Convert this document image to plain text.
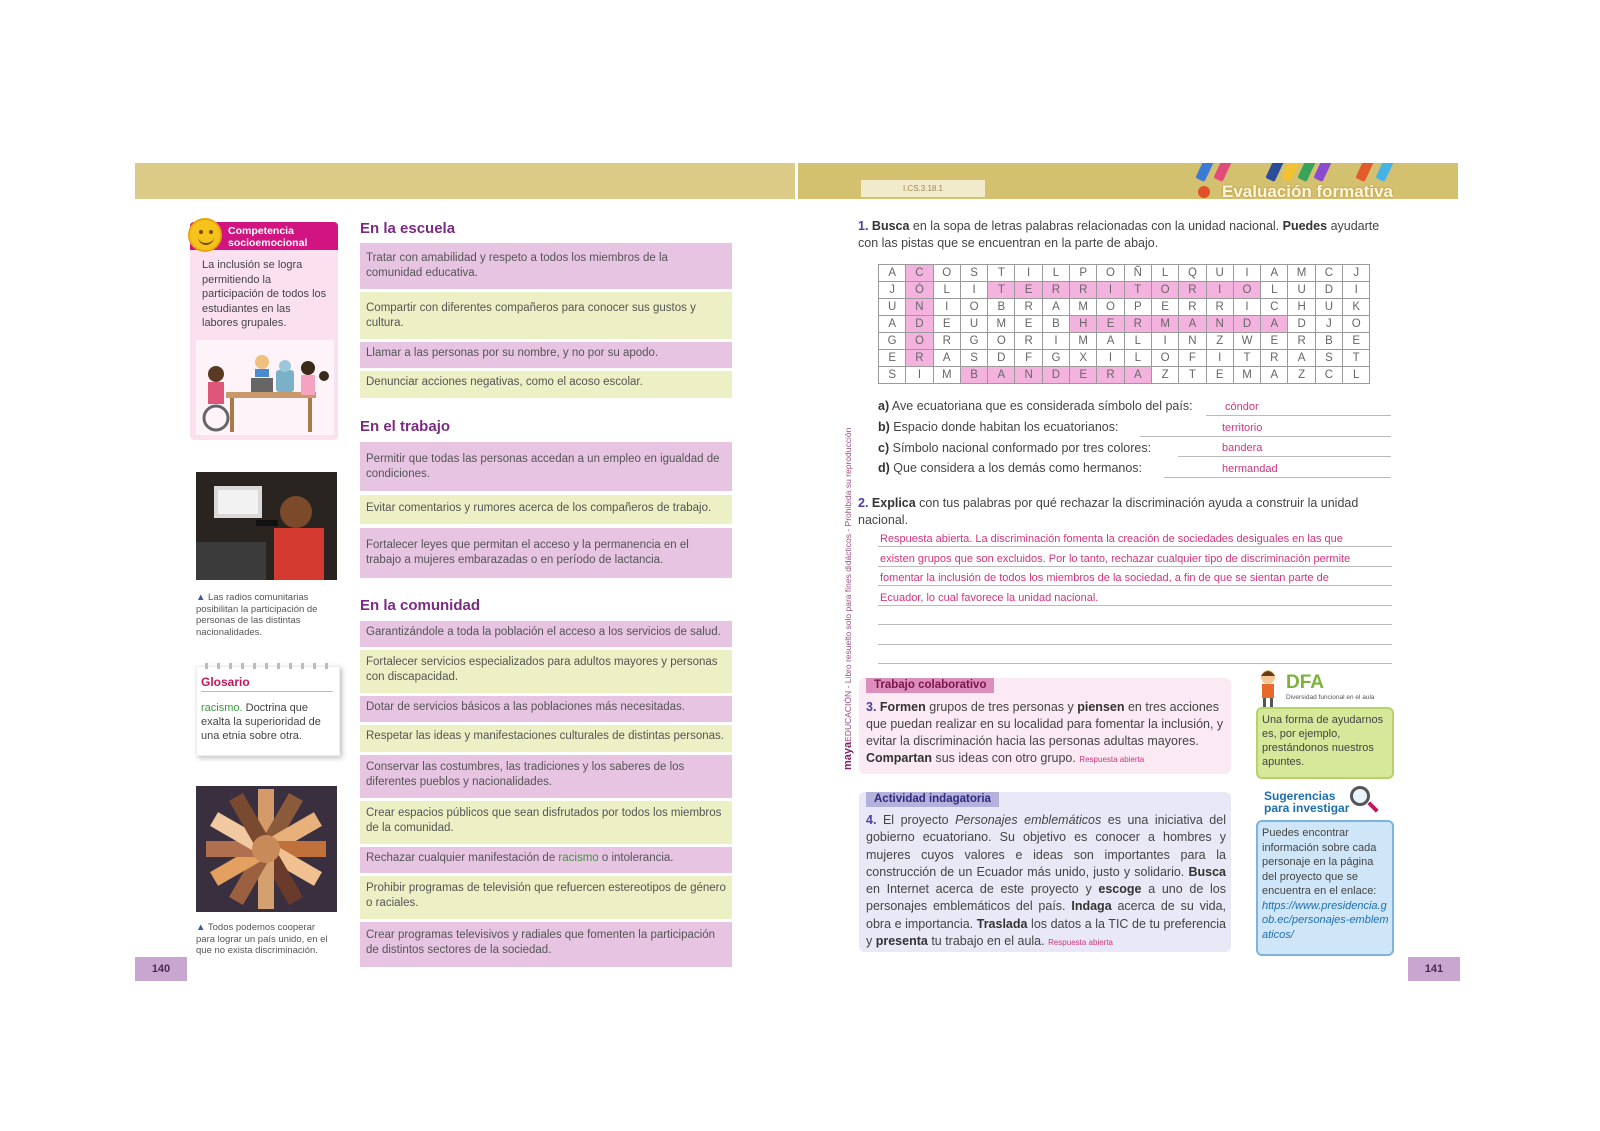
I.CS.3.18.1	Evaluación formativa
Competencia socioemocional
La inclusión se logra permitiendo la participación de todos los estudiantes en las labores grupales.
▲ Las radios comunitarias posibilitan la participación de personas de las distintas nacionalidades.
Glosario
racismo. Doctrina que exalta la superioridad de una etnia sobre otra.
▲ Todos podemos cooperar para lograr un país unido, en el que no exista discriminación.
140
En la escuela
Tratar con amabilidad y respeto a todos los miembros de la comunidad educativa.
Compartir con diferentes compañeros para conocer sus gustos y cultura.
Llamar a las personas por su nombre, y no por su apodo.
Denunciar acciones negativas, como el acoso escolar.
En el trabajo
Permitir que todas las personas accedan a un empleo en igualdad de condiciones.
Evitar comentarios y rumores acerca de los compañeros de trabajo.
Fortalecer leyes que permitan el acceso y la permanencia en el trabajo a mujeres embarazadas o en período de lactancia.
En la comunidad
Garantizándole a toda la población el acceso a los servicios de salud.
Fortalecer servicios especializados para adultos mayores y personas con discapacidad.
Dotar de servicios básicos a las poblaciones más necesitadas.
Respetar las ideas y manifestaciones culturales de distintas personas.
Conservar las costumbres, las tradiciones y los saberes de los diferentes pueblos y nacionalidades.
Crear espacios públicos que sean disfrutados por todos los miembros de la comunidad.
Rechazar cualquier manifestación de racismo o intolerancia.
Prohibir programas de televisión que refuercen estereotipos de género o raciales.
Crear programas televisivos y radiales que fomenten la participación de distintos sectores de la sociedad.
1. Busca en la sopa de letras palabras relacionadas con la unidad nacional. Puedes ayudarte con las pistas que se encuentran en la parte de abajo.
A	C	O	S	T	I	L	P	O	Ñ	L	Q	U	I	A	M	C	J
J	Ó	L	I	T	E	R	R	I	T	O	R	I	O	L	U	D	I
U	N	I	O	B	R	A	M	O	P	E	R	R	I	C	H	U	K
A	D	E	U	M	E	B	H	E	R	M	A	N	D	A	D	J	O
G	O	R	G	O	R	I	M	A	L	I	N	Z	W	E	R	B	E
E	R	A	S	D	F	G	X	I	L	O	F	I	T	R	A	S	T
S	I	M	B	A	N	D	E	R	A	Z	T	E	M	A	Z	C	L
a) Ave ecuatoriana que es considerada símbolo del país:	cóndor
b) Espacio donde habitan los ecuatorianos:	territorio
c) Símbolo nacional conformado por tres colores:	bandera
d) Que considera a los demás como hermanos:	hermandad
2. Explica con tus palabras por qué rechazar la discriminación ayuda a construir la unidad nacional.
Respuesta abierta. La discriminación fomenta la creación de sociedades desiguales en las que
existen grupos que son excluidos. Por lo tanto, rechazar cualquier tipo de discriminación permite
fomentar la inclusión de todos los miembros de la sociedad, a fin de que se sientan parte de
Ecuador, lo cual favorece la unidad nacional.
mayaEDUCACIÓN - Libro resuelto solo para fines didácticos - Prohibida su reproducción	Trabajo colaborativo
3. Formen grupos de tres personas y piensen en tres acciones que puedan realizar en su localidad para fomentar la inclusión, y evitar la discriminación hacia las personas adultas mayores. Compartan sus ideas con otro grupo. Respuesta abierta
Actividad indagatoria
4. El proyecto Personajes emblemáticos es una iniciativa del gobierno ecuatoriano. Su objetivo es conocer a hombres y mujeres cuyos valores e ideas son importantes para la construcción de un Ecuador más unido, justo y solidario. Busca en Internet acerca de este proyecto y escoge a uno de los personajes emblemáticos del país. Indaga acerca de su vida, obra e importancia. Traslada los datos a la TIC de tu preferencia y presenta tu trabajo en el aula. Respuesta abierta
DFA
Diversidad funcional en el aula
Una forma de ayudarnos es, por ejemplo, prestándonos nuestros apuntes.
Sugerencias
para investigar
Puedes encontrar información sobre cada personaje en la página del proyecto que se encuentra en el enlace:
https://www.presidencia.gob.ec/personajes-emblematicos/
141
